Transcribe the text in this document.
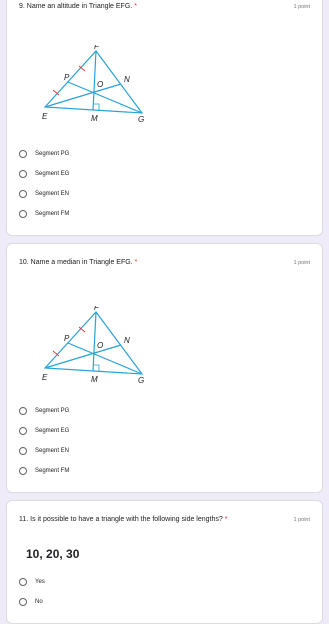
9. Name an altitude in Triangle EFG. *	1 point
F
P
O
N
E	M	G
Segment PG
Segment EG
Segment EN
Segment FM
10. Name a median in Triangle EFG. *	1 point
F
P
O
N
E	M	G
Segment PG
Segment EG
Segment EN
Segment FM
11. Is it possible to have a triangle with the following side lengths? *	1 point
10, 20, 30
Yes
No
